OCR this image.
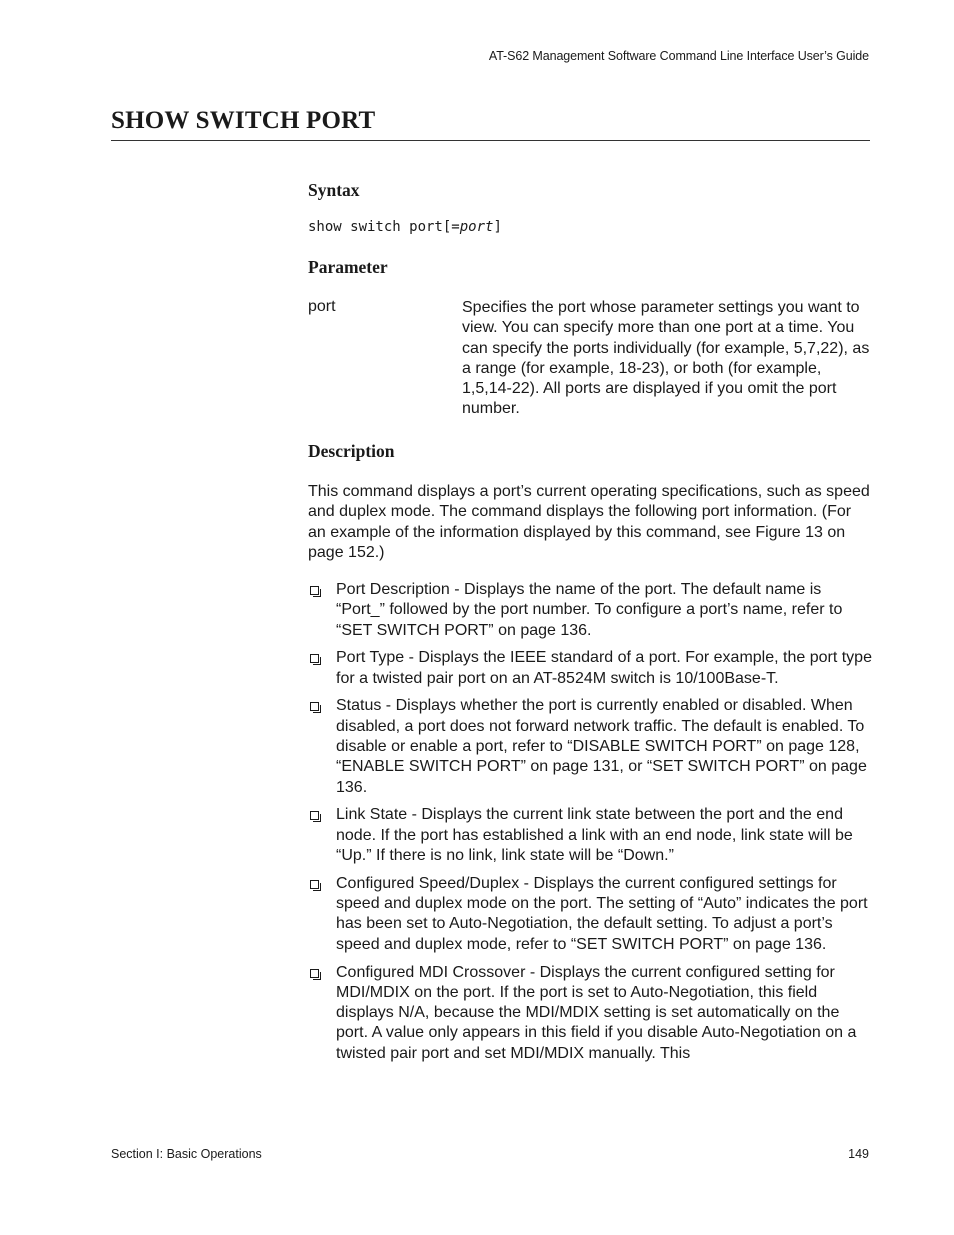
AT-S62 Management Software Command Line Interface User’s Guide
SHOW SWITCH PORT
Syntax
show switch port[=port]
Parameter
port	Specifies the port whose parameter settings you want to view. You can specify more than one port at a time. You can specify the ports individually (for example, 5,7,22), as a range (for example, 18-23), or both (for example, 1,5,14-22). All ports are displayed if you omit the port number.

Description

This command displays a port’s current operating specifications, such as speed and duplex mode. The command displays the following port information. (For an example of the information displayed by this command, see Figure 13 on page 152.)

Port Description - Displays the name of the port. The default name is “Port_” followed by the port number. To configure a port’s name, refer to “SET SWITCH PORT” on page 136.
Port Type - Displays the IEEE standard of a port. For example, the port type for a twisted pair port on an AT-8524M switch is 10/100Base-T.
Status - Displays whether the port is currently enabled or disabled. When disabled, a port does not forward network traffic. The default is enabled. To disable or enable a port, refer to “DISABLE SWITCH PORT” on page 128, “ENABLE SWITCH PORT” on page 131, or “SET SWITCH PORT” on page 136.
Link State - Displays the current link state between the port and the end node. If the port has established a link with an end node, link state will be “Up.” If there is no link, link state will be “Down.”
Configured Speed/Duplex - Displays the current configured settings for speed and duplex mode on the port. The setting of “Auto” indicates the port has been set to Auto-Negotiation, the default setting. To adjust a port’s speed and duplex mode, refer to “SET SWITCH PORT” on page 136.
Configured MDI Crossover - Displays the current configured setting for MDI/MDIX on the port. If the port is set to Auto-Negotiation, this field displays N/A, because the MDI/MDIX setting is set automatically on the port. A value only appears in this field if you disable Auto-Negotiation on a twisted pair port and set MDI/MDIX manually. This
Section I: Basic Operations	149
